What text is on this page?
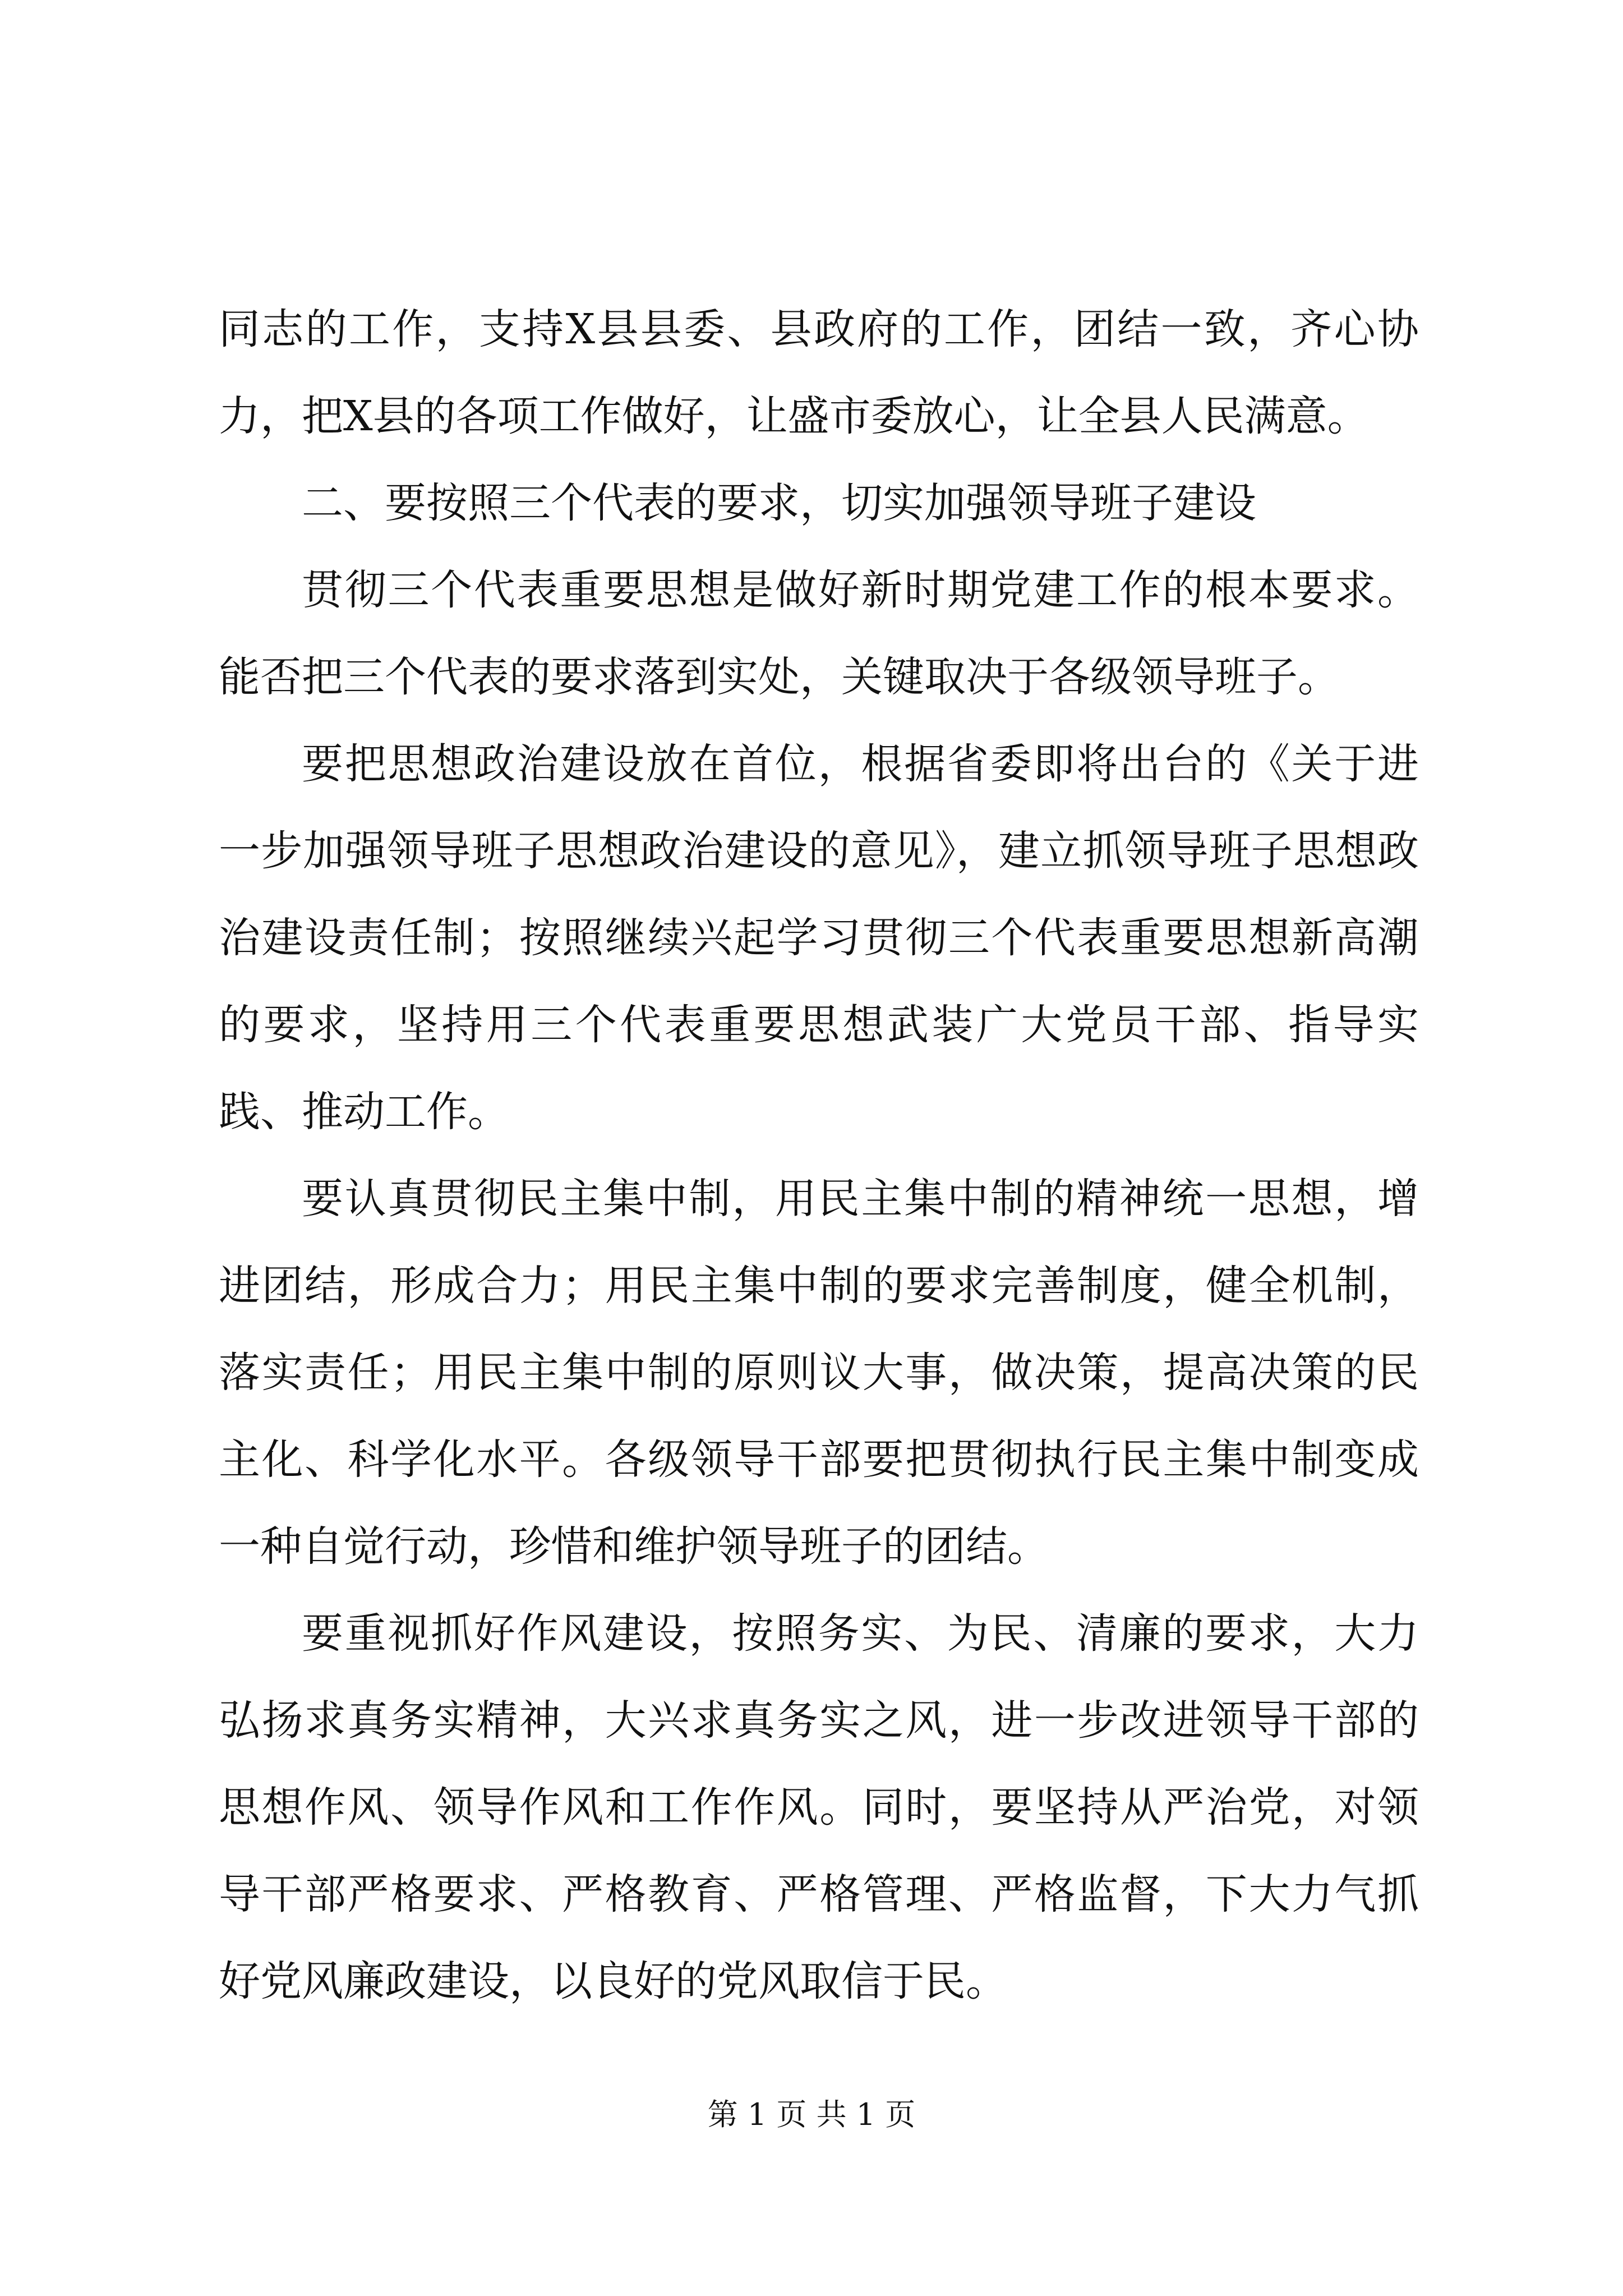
同志的工作，支持X县县委、县政府的工作，团结一致，齐心协力，把X县的各项工作做好，让盛市委放心，让全县人民满意。

二、要按照三个代表的要求，切实加强领导班子建设

贯彻三个代表重要思想是做好新时期党建工作的根本要求。能否把三个代表的要求落到实处，关键取决于各级领导班子。

要把思想政治建设放在首位，根据省委即将出台的《关于进一步加强领导班子思想政治建设的意见》，建立抓领导班子思想政治建设责任制；按照继续兴起学习贯彻三个代表重要思想新高潮的要求，坚持用三个代表重要思想武装广大党员干部、指导实践、推动工作。

要认真贯彻民主集中制，用民主集中制的精神统一思想，增进团结，形成合力；用民主集中制的要求完善制度，健全机制，落实责任；用民主集中制的原则议大事，做决策，提高决策的民主化、科学化水平。各级领导干部要把贯彻执行民主集中制变成一种自觉行动，珍惜和维护领导班子的团结。

要重视抓好作风建设，按照务实、为民、清廉的要求，大力弘扬求真务实精神，大兴求真务实之风，进一步改进领导干部的思想作风、领导作风和工作作风。同时，要坚持从严治党，对领导干部严格要求、严格教育、严格管理、严格监督，下大力气抓好党风廉政建设，以良好的党风取信于民。

第 1 页 共 1 页
